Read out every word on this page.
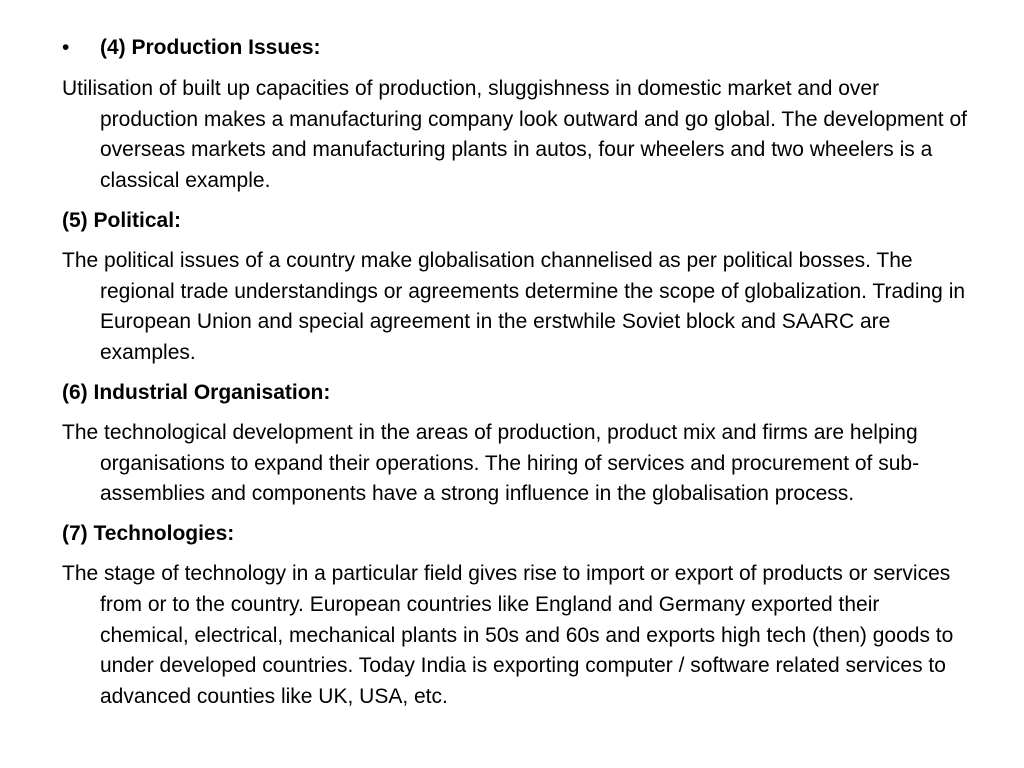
•	(4) Production Issues:
Utilisation of built up capacities of production, sluggishness in domestic market and over production makes a manufacturing company look outward and go global. The development of overseas markets and manufacturing plants in autos, four wheelers and two wheelers is a classical example.
(5) Political:
The political issues of a country make globalisation channelised as per political bosses. The regional trade understandings or agreements determine the scope of globalization. Trading in European Union and special agreement in the erstwhile Soviet block and SAARC are examples.
(6) Industrial Organisation:
The technological development in the areas of production, product mix and firms are helping organisations to expand their operations. The hiring of services and procurement of sub-assemblies and components have a strong influence in the globalisation process.
(7) Technologies:
The stage of technology in a particular field gives rise to import or export of products or services from or to the country. European countries like England and Germany exported their chemical, electrical, mechanical plants in 50s and 60s and exports high tech (then) goods to under developed countries. Today India is exporting computer / software related services to advanced counties like UK, USA, etc.
